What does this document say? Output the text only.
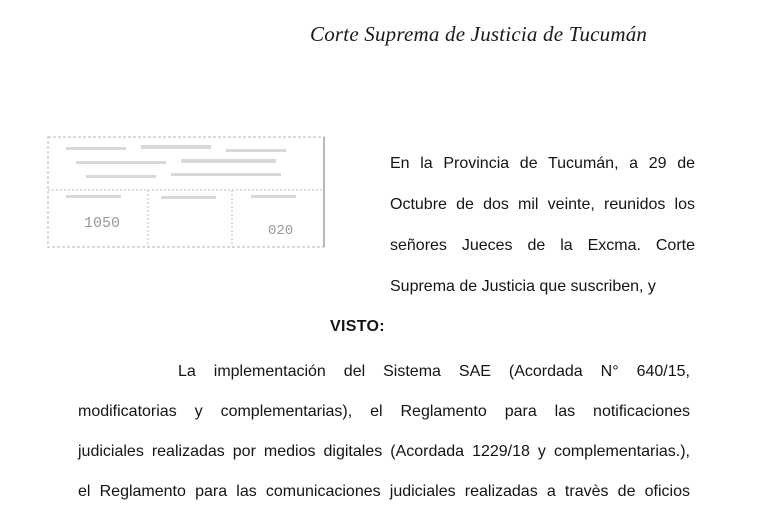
Corte Suprema de Justicia de Tucumán
1050	020
En la Provincia de Tucumán, a 29 de
Octubre de dos mil veinte, reunidos los
señores Jueces de la Excma. Corte
Suprema de Justicia que suscriben, y
VISTO:
La implementación del Sistema SAE (Acordada N° 640/15,
modificatorias y complementarias), el Reglamento para las notificaciones
judiciales realizadas por medios digitales (Acordada 1229/18 y complementarias.),
el Reglamento para las comunicaciones judiciales realizadas a travès de oficios
